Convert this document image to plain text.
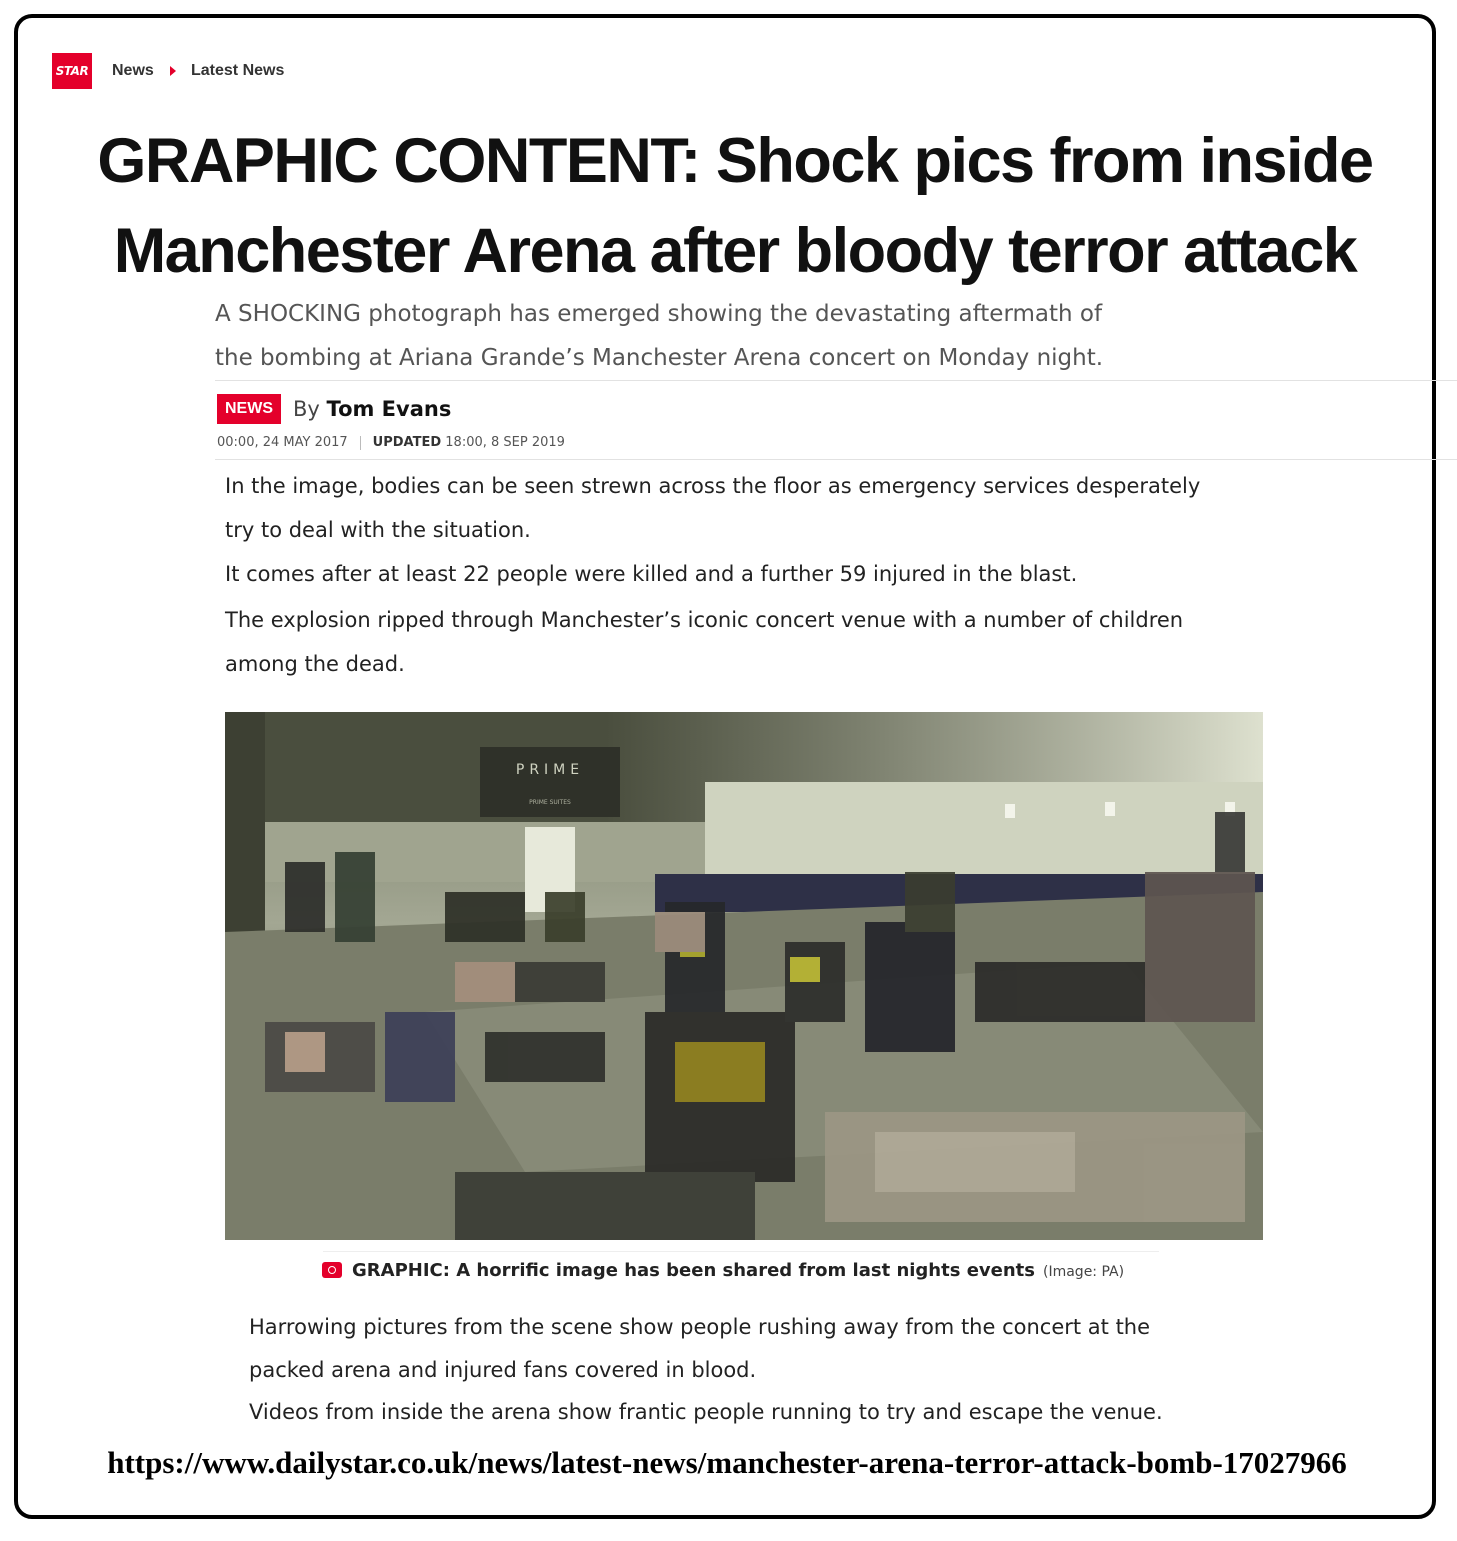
STAR News Latest News
GRAPHIC CONTENT: Shock pics from inside
Manchester Arena after bloody terror attack

A SHOCKING photograph has emerged showing the devastating aftermath of
the bombing at Ariana Grande’s Manchester Arena concert on Monday night.

NEWS By Tom Evans
00:00, 24 MAY 2017 UPDATED 18:00, 8 SEP 2019

In the image, bodies can be seen strewn across the floor as emergency services desperately

try to deal with the situation.

It comes after at least 22 people were killed and a further 59 injured in the blast.

The explosion ripped through Manchester’s iconic concert venue with a number of children

among the dead.

PRIME
PRIME SUITES
GRAPHIC: A horrific image has been shared from last nights events (Image: PA)

Harrowing pictures from the scene show people rushing away from the concert at the

packed arena and injured fans covered in blood.

Videos from inside the arena show frantic people running to try and escape the venue.

https://www.dailystar.co.uk/news/latest-news/manchester-arena-terror-attack-bomb-17027966
